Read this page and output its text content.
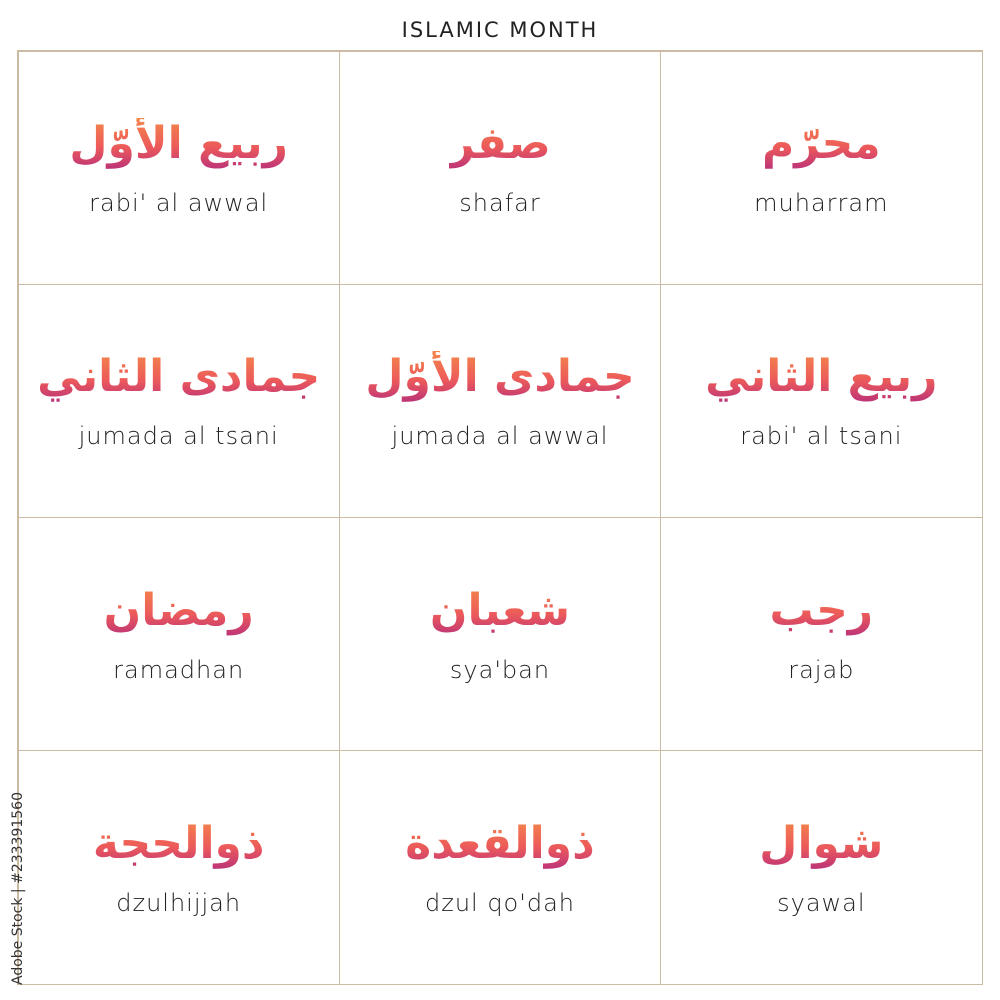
ISLAMIC MONTH
ربيع الأوّل
rabi' al awwal
صفر
shafar
محرّم
muharram
جمادى الثاني
jumada al tsani
جمادى الأوّل
jumada al awwal
ربيع الثاني
rabi' al tsani
رمضان
ramadhan
شعبان
sya'ban
رجب
rajab
ذوالحجة
dzulhijjah
ذوالقعدة
dzul qo'dah
شوال
syawal
Adobe Stock | #233391560
